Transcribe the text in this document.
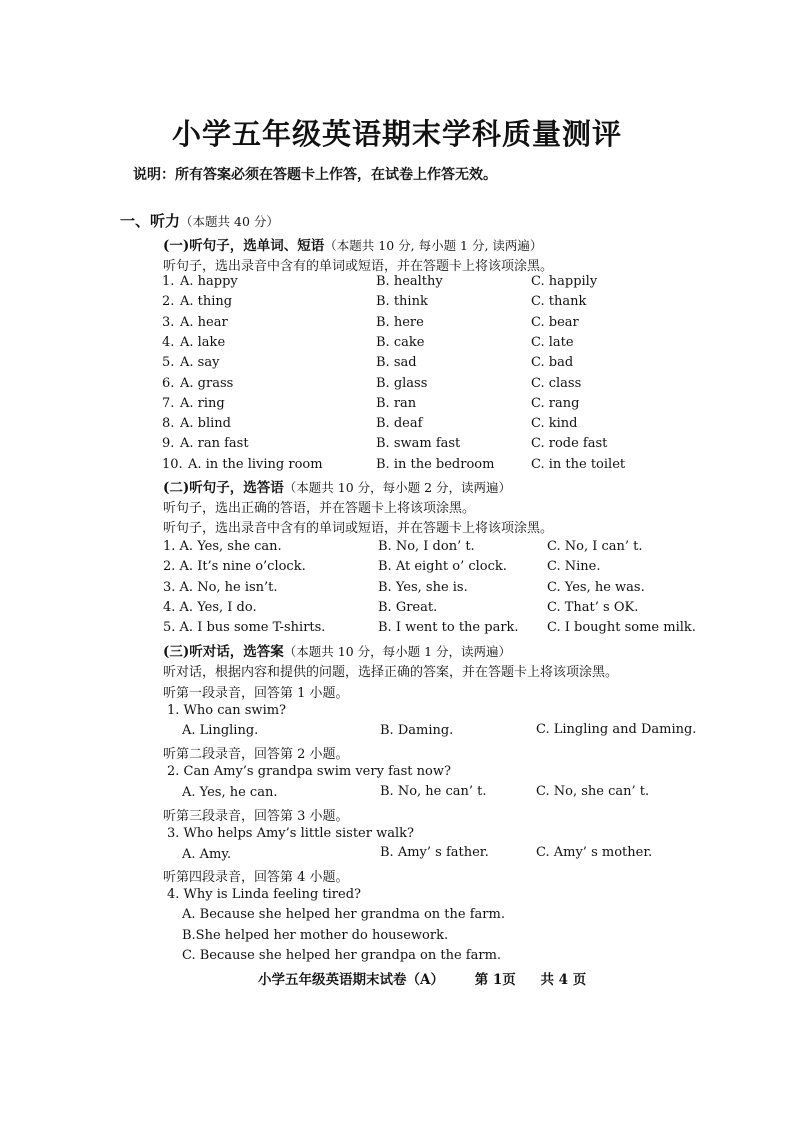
小学五年级英语期末学科质量测评
说明：所有答案必须在答题卡上作答，在试卷上作答无效。
一、听力（本题共 40 分）
(一)听句子，选单词、短语（本题共 10 分, 每小题 1 分, 读两遍）
听句子，选出录音中含有的单词或短语，并在答题卡上将该项涂黑。
1. A. happy	B. healthy	C. happily
2. A. thing	B. think	C. thank
3. A. hear	B. here	C. bear
4. A. lake	B. cake	C. late
5. A. say	B. sad	C. bad
6. A. grass	B. glass	C. class
7. A. ring	B. ran	C. rang
8. A. blind	B. deaf	C. kind
9. A. ran fast	B. swam fast	C. rode fast
10. A. in the living room	B. in the bedroom	C. in the toilet
(二)听句子，选答语（本题共 10 分，每小题 2 分，读两遍）
听句子，选出正确的答语，并在答题卡上将该项涂黑。
听句子，选出录音中含有的单词或短语，并在答题卡上将该项涂黑。
1. A. Yes, she can.	B. No, I don’ t.	C. No, I can’ t.
2. A. It’s nine o’clock.	B. At eight o’ clock.	C. Nine.
3. A. No, he isn’t.	B. Yes, she is.	C. Yes, he was.
4. A. Yes, I do.	B. Great.	C. That’ s OK.
5. A. I bus some T-shirts.	B. I went to the park. C. I bought some milk.
(三)听对话，选答案（本题共 10 分，每小题 1 分，读两遍）
听对话，根据内容和提供的问题，选择正确的答案，并在答题卡上将该项涂黑。
听第一段录音，回答第 1 小题。
1. Who can swim?
A. Lingling.	B. Daming.	C. Lingling and Daming.
听第二段录音，回答第 2 小题。
2. Can Amy’s grandpa swim very fast now?
A. Yes, he can.	B. No, he can’ t.	C. No, she can’ t.
听第三段录音，回答第 3 小题。
3. Who helps Amy’s little sister walk?
A. Amy.	B. Amy’ s father.	C. Amy’ s mother.
听第四段录音，回答第 4 小题。
4. Why is Linda feeling tired?
A. Because she helped her grandma on the farm.
B.She helped her mother do housework.
C. Because she helped her grandpa on the farm.
小学五年级英语期末试卷（A） 第 1页 共 4 页
